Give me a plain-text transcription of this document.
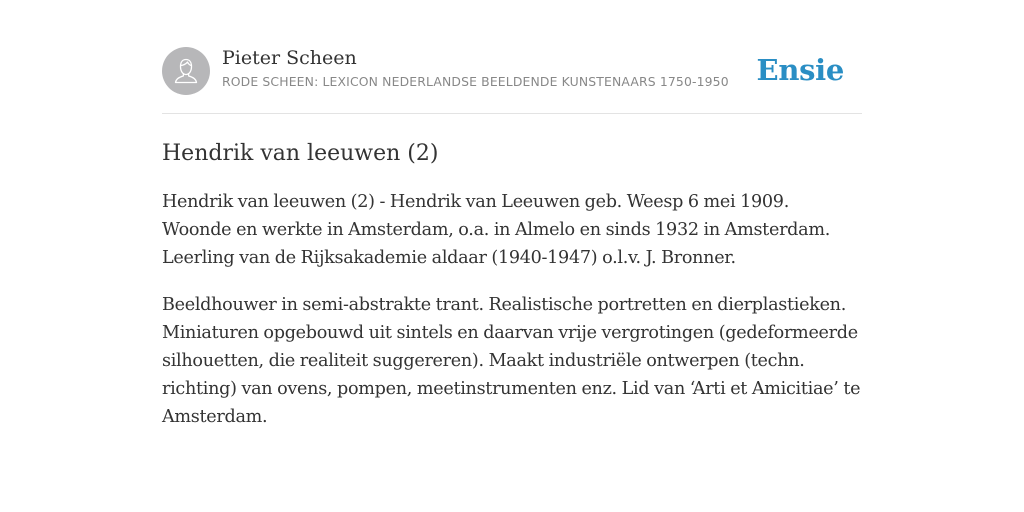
Pieter Scheen
RODE SCHEEN: LEXICON NEDERLANDSE BEELDENDE KUNSTENAARS 1750-1950 Ensie
Hendrik van leeuwen (2)

Hendrik van leeuwen (2) - Hendrik van Leeuwen geb. Weesp 6 mei 1909. Woonde en werkte in Amsterdam, o.a. in Almelo en sinds 1932 in Amsterdam. Leerling van de Rijksakademie aldaar (1940-1947) o.l.v. J. Bronner.

Beeldhouwer in semi-abstrakte trant. Realistische portretten en dierplastieken. Miniaturen opgebouwd uit sintels en daarvan vrije vergrotingen (gedeformeerde silhouetten, die realiteit suggereren). Maakt industriële ontwerpen (techn. richting) van ovens, pompen, meetinstrumenten enz. Lid van ‘Arti et Amicitiae’ te Amsterdam.
